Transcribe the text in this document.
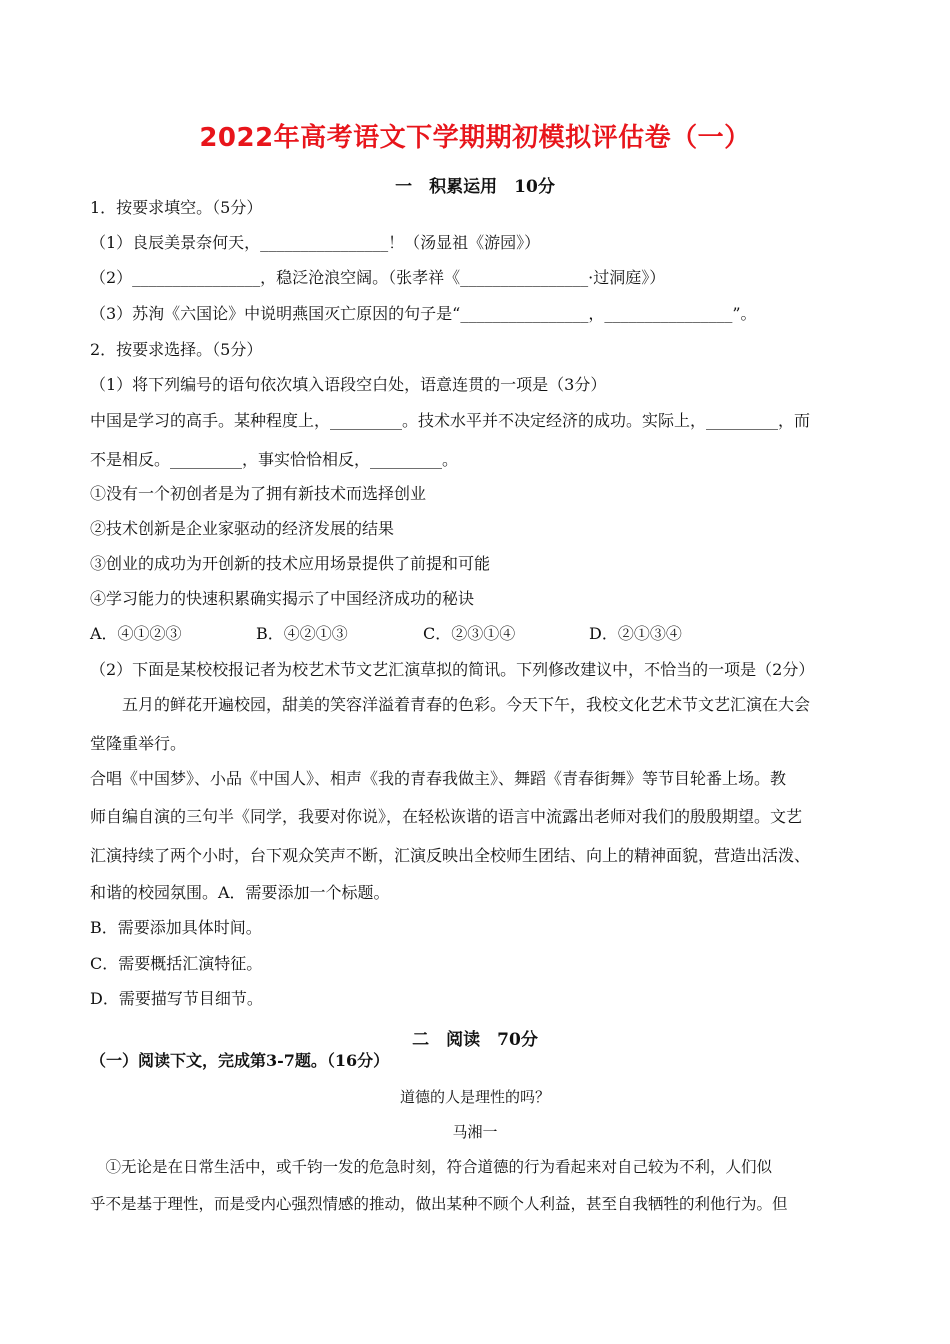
2022年高考语文下学期期初模拟评估卷（一）
一　积累运用　10分
1．按要求填空。（5分）
（1）良辰美景奈何天，________________！（汤显祖《游园》）
（2）________________，稳泛沧浪空阔。（张孝祥《________________·过洞庭》）
（3）苏洵《六国论》中说明燕国灭亡原因的句子是“________________，________________”。
2．按要求选择。（5分）
（1）将下列编号的语句依次填入语段空白处，语意连贯的一项是（3分）
中国是学习的高手。某种程度上，_________。技术水平并不决定经济的成功。实际上，_________，而
不是相反。_________，事实恰恰相反，_________。
①没有一个初创者是为了拥有新技术而选择创业
②技术创新是企业家驱动的经济发展的结果
③创业的成功为开创新的技术应用场景提供了前提和可能
④学习能力的快速积累确实揭示了中国经济成功的秘诀
A．④①②③	B．④②①③	C．②③①④	D．②①③④
（2）下面是某校校报记者为校艺术节文艺汇演草拟的简讯。下列修改建议中，不恰当的一项是（2分）
　　五月的鲜花开遍校园，甜美的笑容洋溢着青春的色彩。今天下午，我校文化艺术节文艺汇演在大会
堂隆重举行。
合唱《中国梦》、小品《中国人》、相声《我的青春我做主》、舞蹈《青春街舞》等节目轮番上场。教
师自编自演的三句半《同学，我要对你说》，在轻松诙谐的语言中流露出老师对我们的殷殷期望。文艺
汇演持续了两个小时，台下观众笑声不断，汇演反映出全校师生团结、向上的精神面貌，营造出活泼、
和谐的校园氛围。A．需要添加一个标题。
B．需要添加具体时间。
C．需要概括汇演特征。
D．需要描写节目细节。
二　阅读　70分
（一）阅读下文，完成第3-7题。（16分）
道德的人是理性的吗？
马湘一
　①无论是在日常生活中，或千钧一发的危急时刻，符合道德的行为看起来对自己较为不利，人们似
乎不是基于理性，而是受内心强烈情感的推动，做出某种不顾个人利益，甚至自我牺牲的利他行为。但
